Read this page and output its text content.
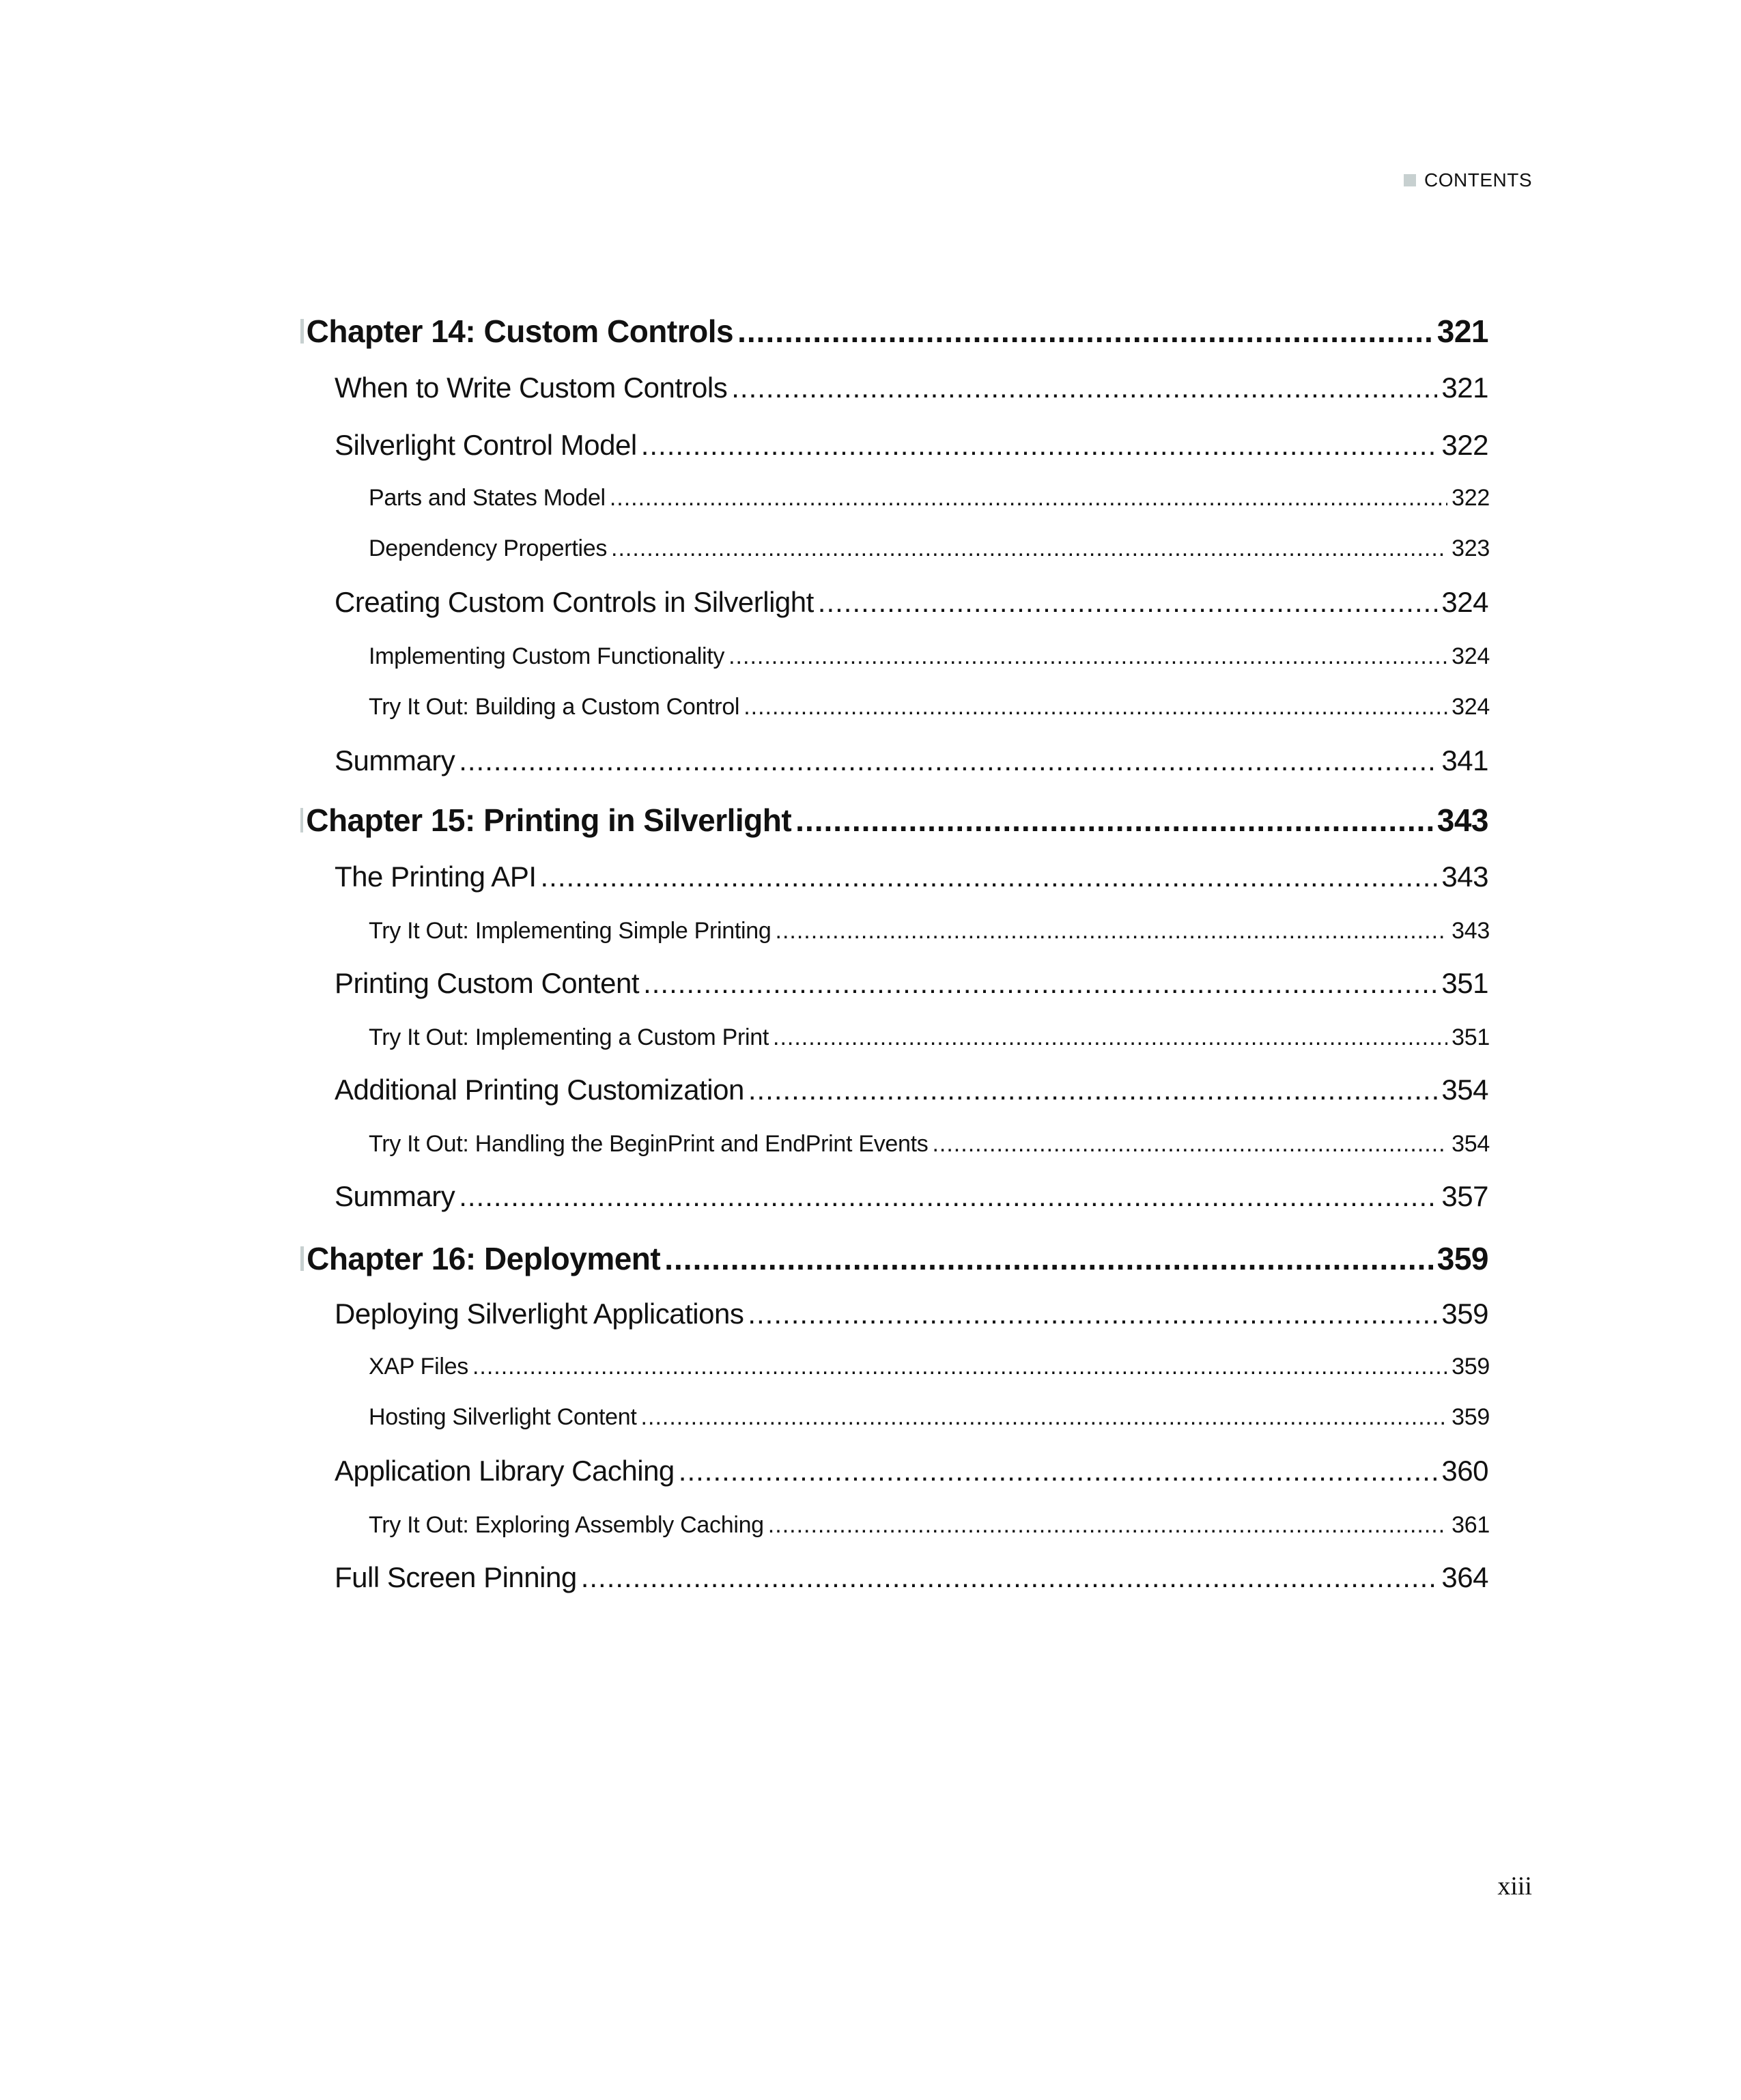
CONTENTS
Chapter 14: Custom Controls .....	321
When to Write Custom Controls .....	321
Silverlight Control Model .....	322
Parts and States Model .....	322
Dependency Properties .....	323
Creating Custom Controls in Silverlight .....	324
Implementing Custom Functionality .....	324
Try It Out: Building a Custom Control .....	324
Summary .....	341
Chapter 15: Printing in Silverlight .....	343
The Printing API .....	343
Try It Out: Implementing Simple Printing .....	343
Printing Custom Content .....	351
Try It Out: Implementing a Custom Print .....	351
Additional Printing Customization .....	354
Try It Out: Handling the BeginPrint and EndPrint Events .....	354
Summary .....	357
Chapter 16: Deployment .....	359
Deploying Silverlight Applications .....	359
XAP Files .....	359
Hosting Silverlight Content .....	359
Application Library Caching .....	360
Try It Out: Exploring Assembly Caching .....	361
Full Screen Pinning .....	364
xiii
